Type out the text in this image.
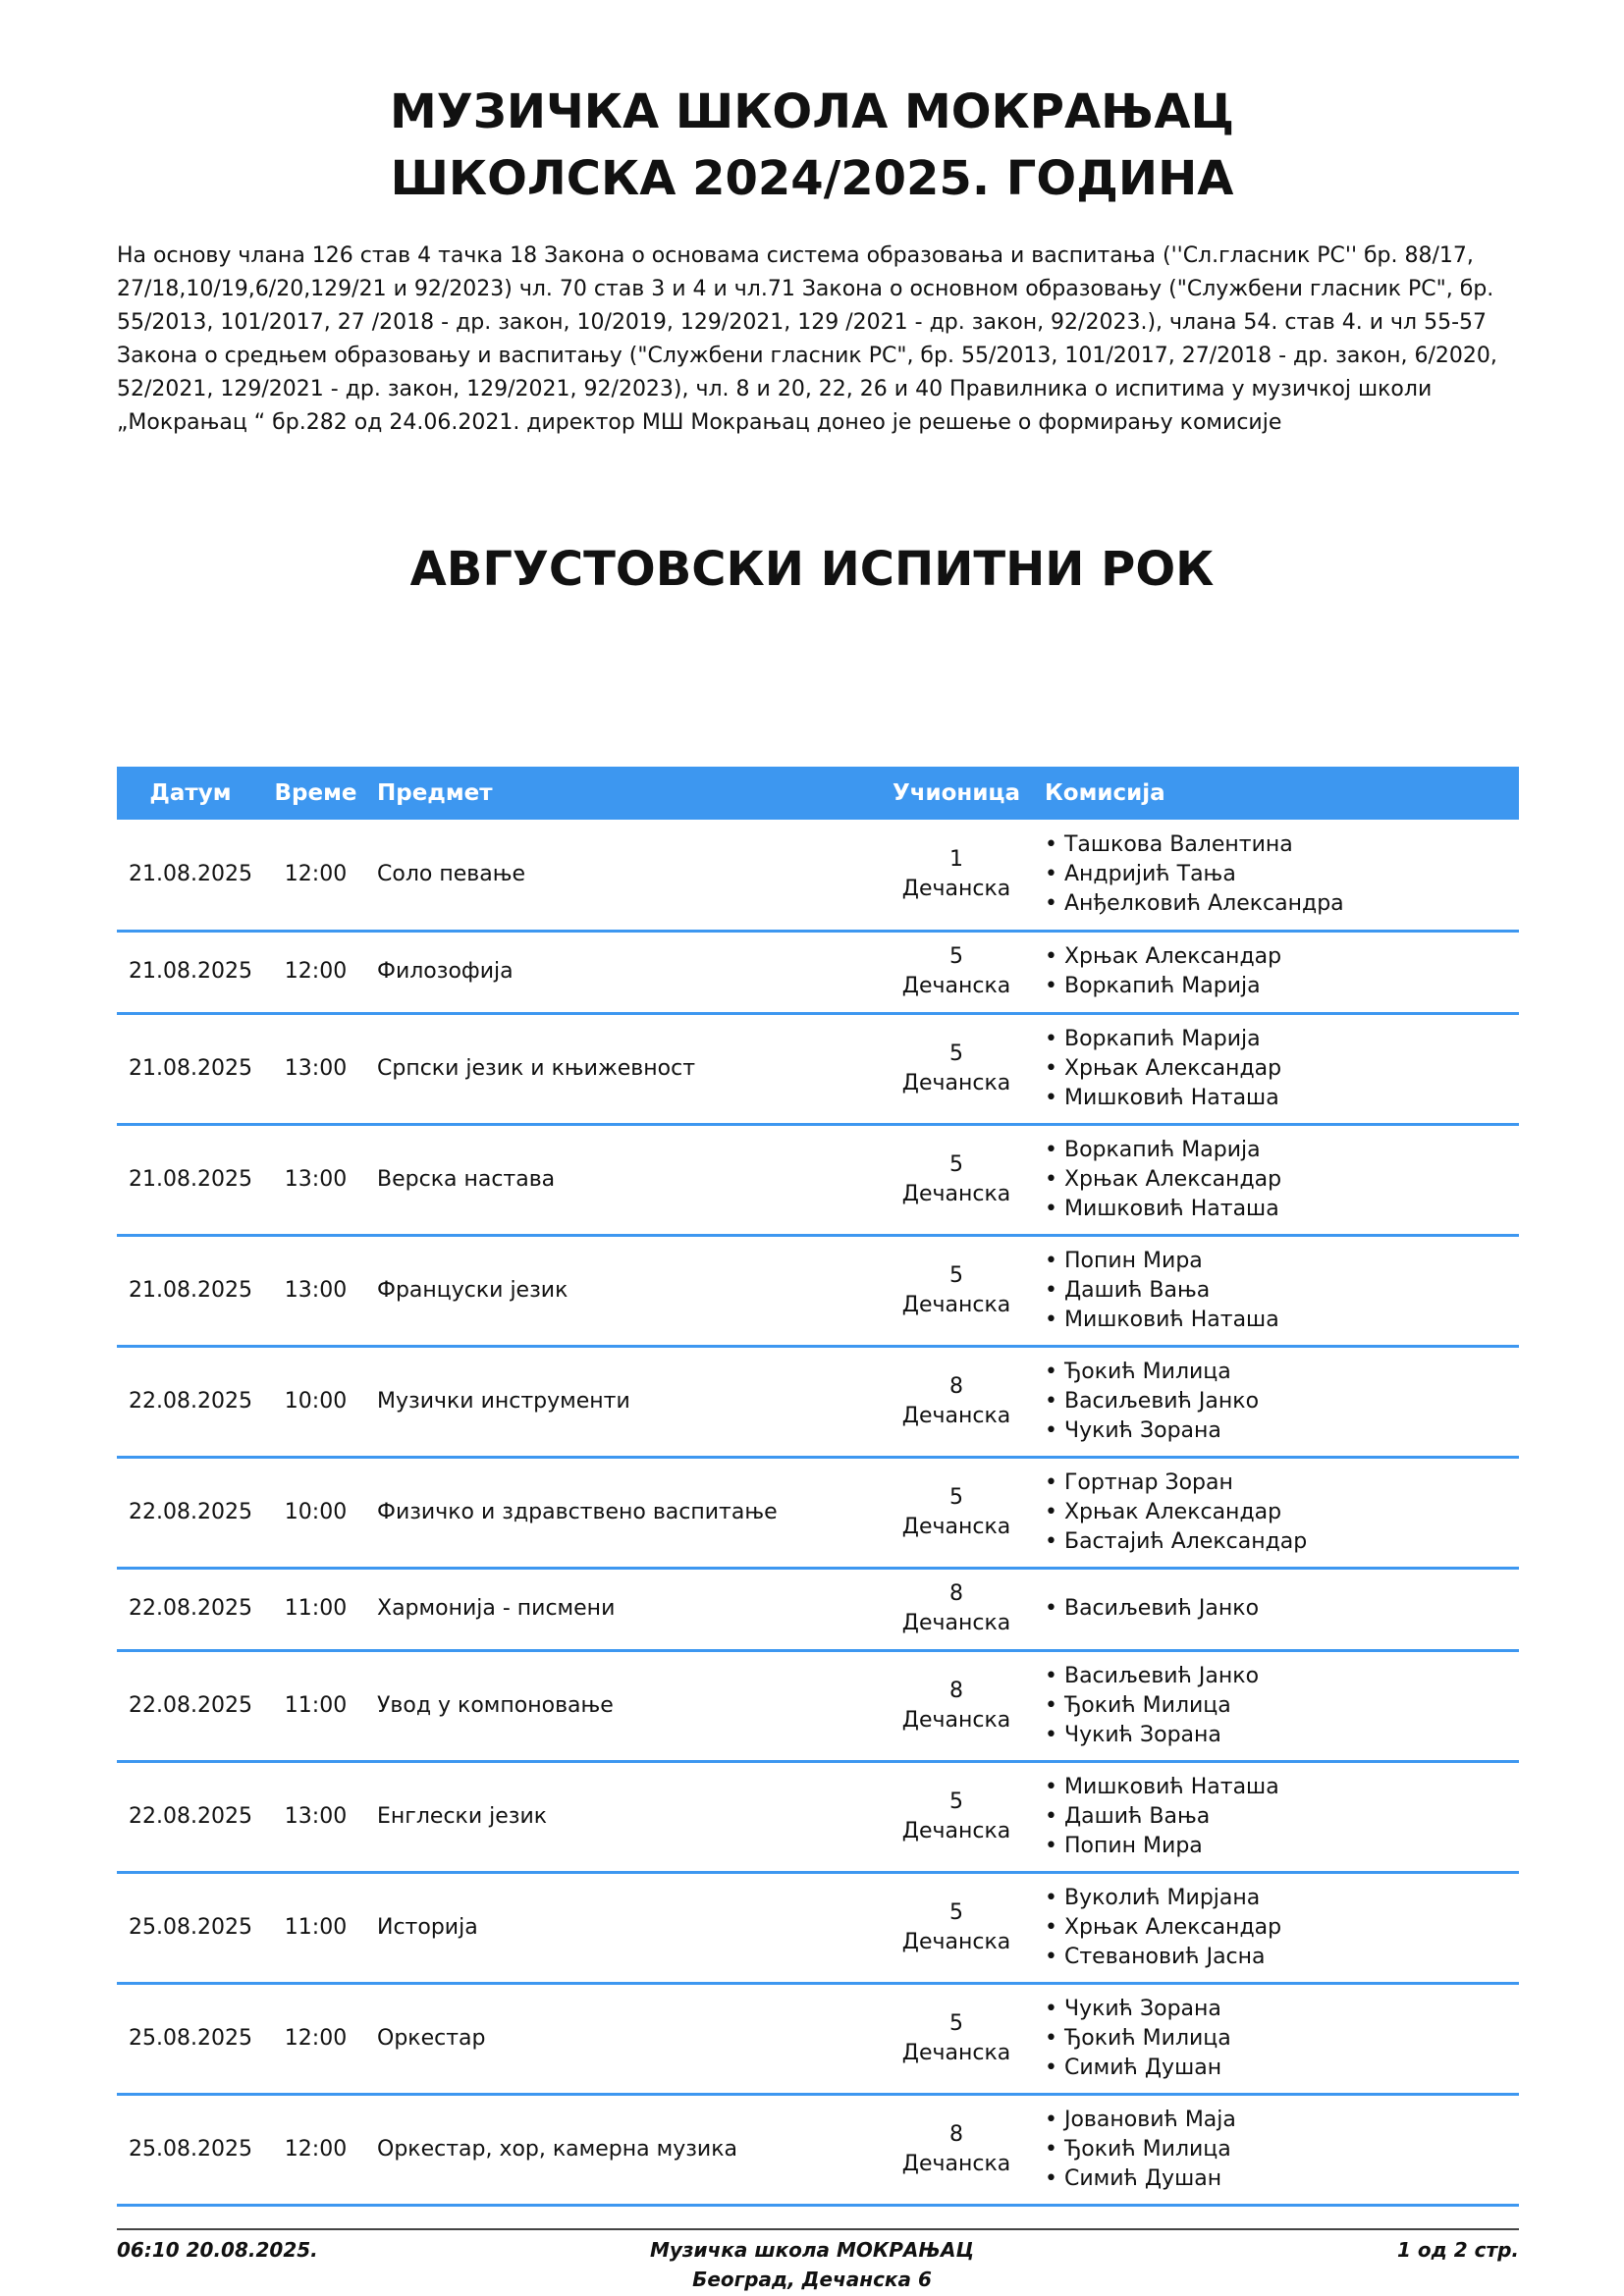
МУЗИЧКА ШКОЛА МОКРАЊАЦ
ШКОЛСКА 2024/2025. ГОДИНА
На основу члана 126 став 4 тачка 18 Закона о основама система образовања и васпитања (''Сл.гласник РС'' бр. 88/17, 27/18,10/19,6/20,129/21 и 92/2023) чл. 70 став 3 и 4 и чл.71 Закона о основном образовању ("Службени гласник РС", бр. 55/2013, 101/2017, 27 /2018 - др. закон, 10/2019, 129/2021, 129 /2021 - др. закон, 92/2023.), члана 54. став 4. и чл 55-57 Закона о средњем образовању и васпитању ("Службени гласник РС", бр. 55/2013, 101/2017, 27/2018 - др. закон, 6/2020, 52/2021, 129/2021 - др. закон, 129/2021, 92/2023), чл. 8 и 20, 22, 26 и 40 Правилника о испитима у музичкој школи „Мокрањац “ бр.282 од 24.06.2021. директор МШ Мокрањац донео је решење о формирању комисије
АВГУСТОВСКИ ИСПИТНИ РОК
Датум	Време	Предмет	Учионица	Комисија
21.08.2025	12:00	Соло певање	1
Дечанска	• Ташкова Валентина
• Андријић Тања
• Анђелковић Александра

21.08.2025	12:00	Филозофија	5
Дечанска	• Хрњак Александар
• Воркапић Марија

21.08.2025	13:00	Српски језик и књижевност	5
Дечанска	• Воркапић Марија
• Хрњак Александар
• Мишковић Наташа

21.08.2025	13:00	Верска настава	5
Дечанска	• Воркапић Марија
• Хрњак Александар
• Мишковић Наташа

21.08.2025	13:00	Француски језик	5
Дечанска	• Попин Мира
• Дашић Вања
• Мишковић Наташа

22.08.2025	10:00	Музички инструменти	8
Дечанска	• Ђокић Милица
• Васиљевић Јанко
• Чукић Зорана

22.08.2025	10:00	Физичко и здравствено васпитање	5
Дечанска	• Гортнар Зоран
• Хрњак Александар
• Бастајић Александар

22.08.2025	11:00	Хармонија - писмени	8
Дечанска	• Васиљевић Јанко

22.08.2025	11:00	Увод у компоновање	8
Дечанска	• Васиљевић Јанко
• Ђокић Милица
• Чукић Зорана

22.08.2025	13:00	Енглески језик	5
Дечанска	• Мишковић Наташа
• Дашић Вања
• Попин Мира

25.08.2025	11:00	Историја	5
Дечанска	• Вуколић Мирјана
• Хрњак Александар
• Стевановић Јасна

25.08.2025	12:00	Оркестар	5
Дечанска	• Чукић Зорана
• Ђокић Милица
• Симић Душан

25.08.2025	12:00	Оркестар, хор, камерна музика	8
Дечанска	• Јовановић Маја
• Ђокић Милица
• Симић Душан
06:10 20.08.2025.	Музичка школа МОКРАЊАЦ
Београд, Дечанска 6
1 од 2 стр.
